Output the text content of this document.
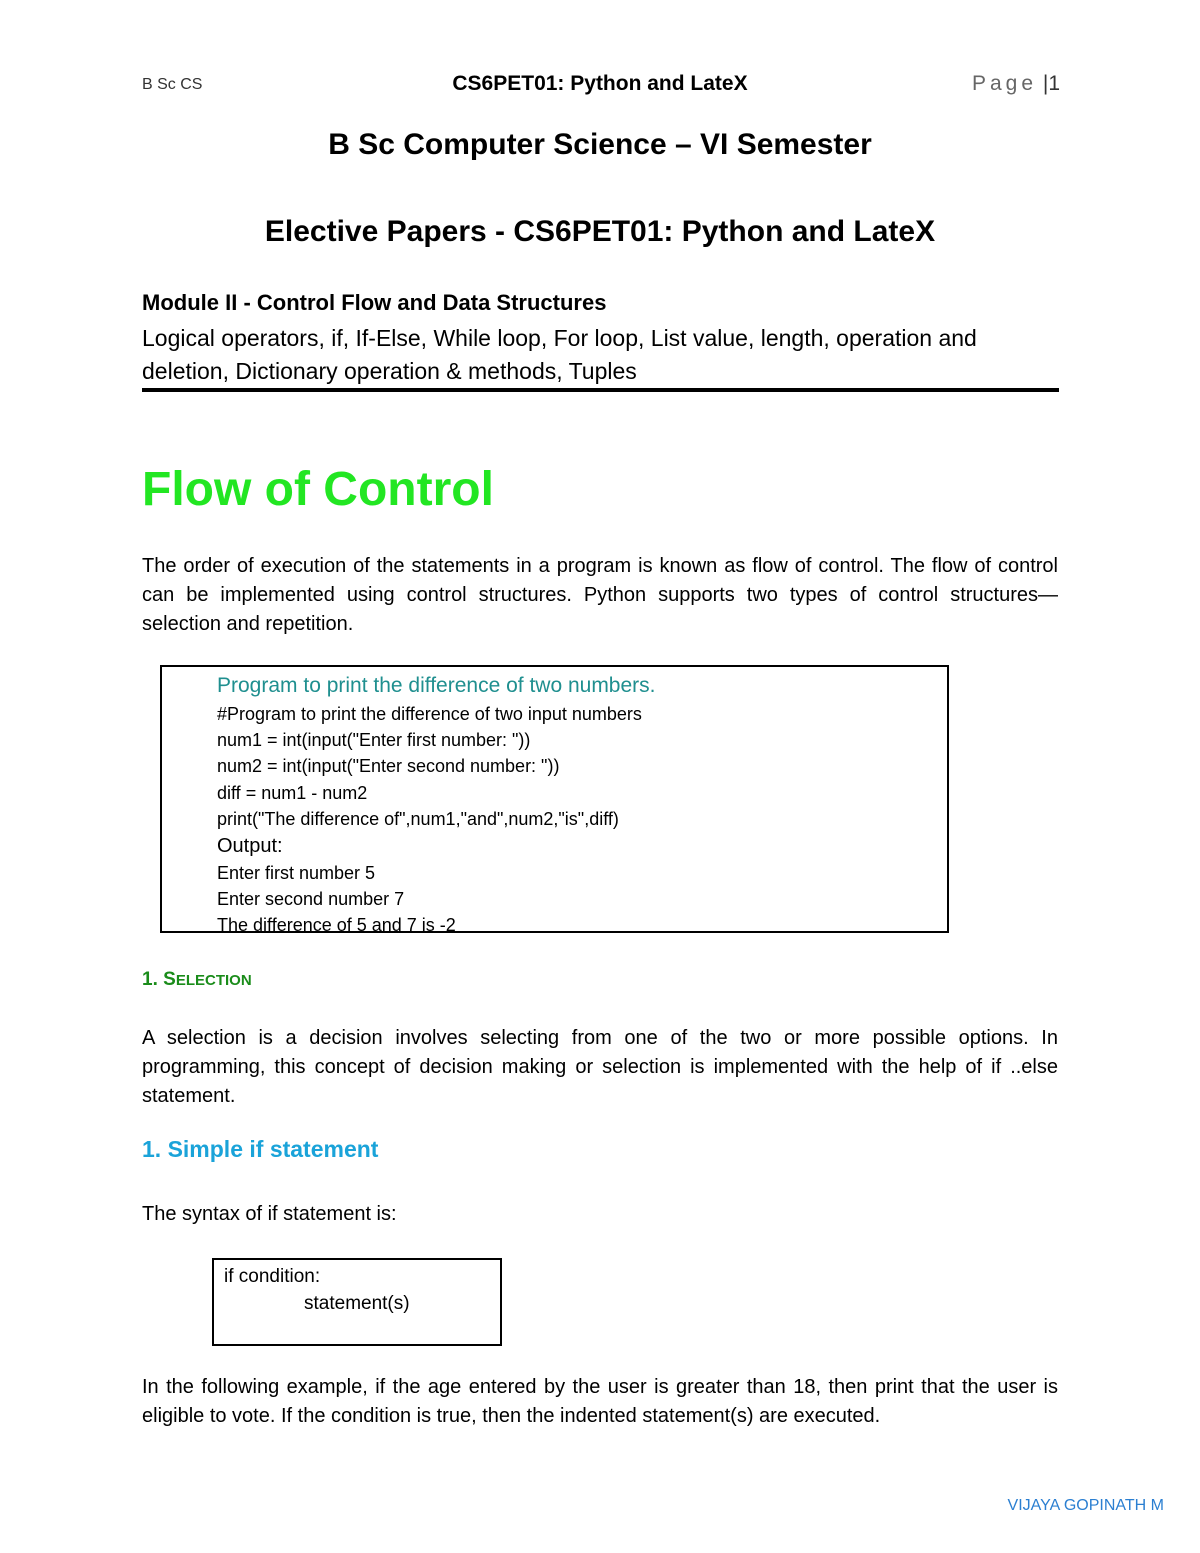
B Sc CS	CS6PET01: Python and LateX	Page |1
B Sc Computer Science – VI Semester
Elective Papers - CS6PET01: Python and LateX
Module II - Control Flow and Data Structures
Logical operators, if, If-Else, While loop, For loop, List value, length, operation and deletion, Dictionary operation & methods, Tuples
Flow of Control
The order of execution of the statements in a program is known as flow of control. The flow of control can be implemented using control structures. Python supports two types of control structures—selection and repetition.
Program to print the difference of two numbers.
#Program to print the difference of two input numbers
num1 = int(input("Enter first number: "))
num2 = int(input("Enter second number: "))
diff = num1 - num2
print("The difference of",num1,"and",num2,"is",diff)
Output:
Enter first number 5
Enter second number 7
The difference of 5 and 7 is -2
1. SELECTION
A selection is a decision involves selecting from one of the two or more possible options. In programming, this concept of decision making or selection is implemented with the help of if ..else statement.
1. Simple if statement
The syntax of if statement is:
if condition:
statement(s)
In the following example, if the age entered by the user is greater than 18, then print that the user is eligible to vote. If the condition is true, then the indented statement(s) are executed.
VIJAYA GOPINATH M
